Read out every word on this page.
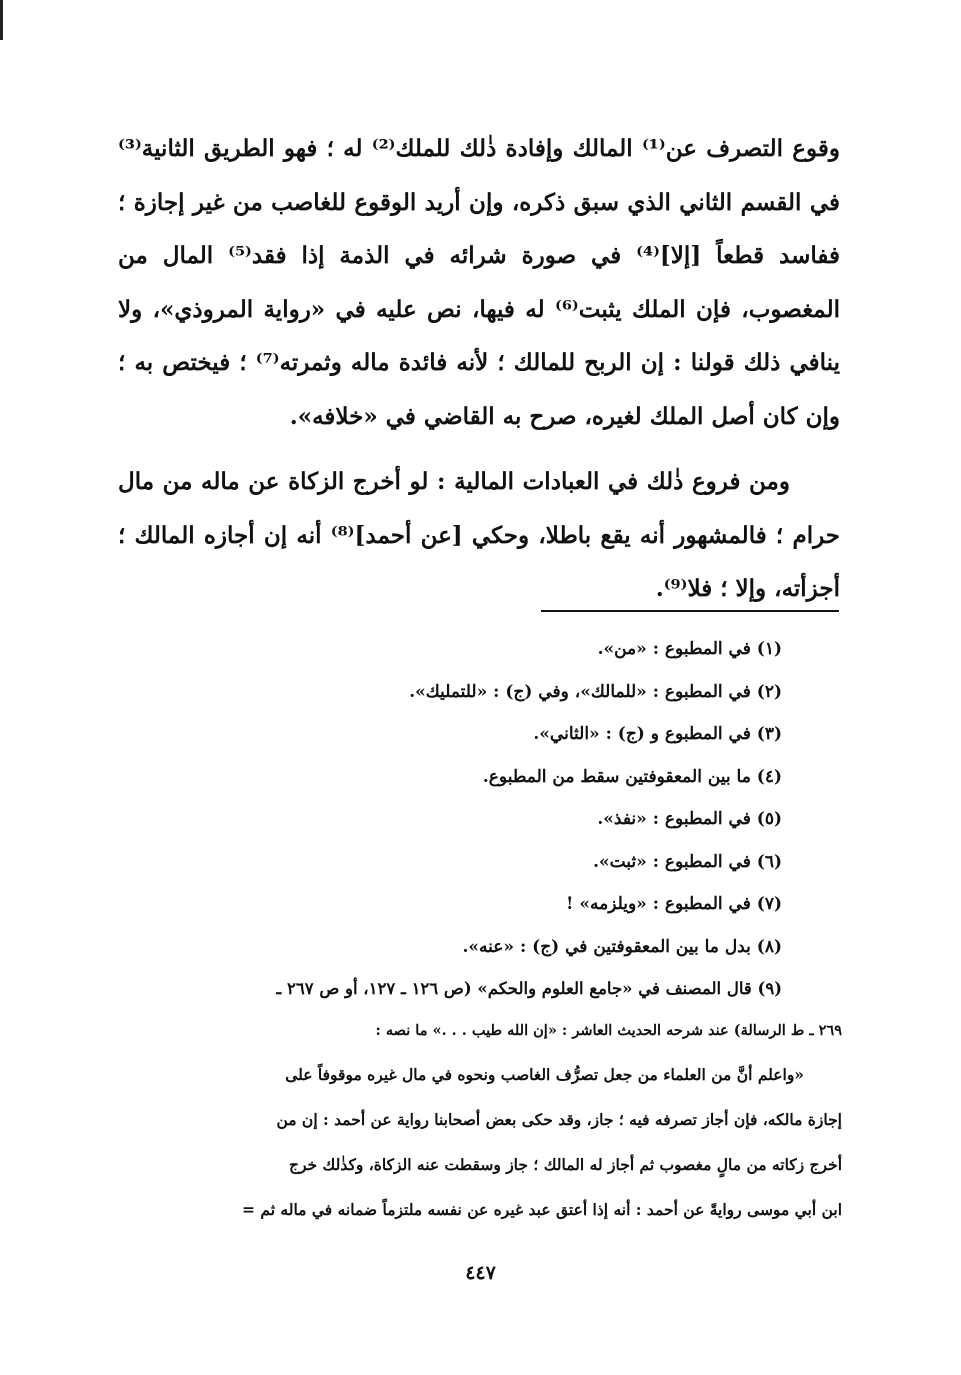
وقوع التصرف عن⁽¹⁾ المالك وإفادة ذٰلك للملك⁽²⁾ له ؛ فهو الطريق الثانية⁽³⁾ في القسم الثاني الذي سبق ذكره، وإن أريد الوقوع للغاصب من غير إجازة ؛ ففاسد قطعاً [إلا]⁽⁴⁾ في صورة شرائه في الذمة إذا فقد⁽⁵⁾ المال من المغصوب، فإن الملك يثبت⁽⁶⁾ له فيها، نص عليه في «رواية المروذي»، ولا ينافي ذلك قولنا : إن الربح للمالك ؛ لأنه فائدة ماله وثمرته⁽⁷⁾ ؛ فيختص به ؛ وإن كان أصل الملك لغيره، صرح به القاضي في «خلافه».

ومن فروع ذٰلك في العبادات المالية : لو أخرج الزكاة عن ماله من مال حرام ؛ فالمشهور أنه يقع باطلا، وحكي [عن أحمد]⁽⁸⁾ أنه إن أجازه المالك ؛ أجزأته، وإلا ؛ فلا⁽⁹⁾.

(١) في المطبوع : «من».
(٢) في المطبوع : «للمالك»، وفي (ج) : «للتمليك».
(٣) في المطبوع و (ج) : «الثاني».
(٤) ما بين المعقوفتين سقط من المطبوع.
(٥) في المطبوع : «نفذ».
(٦) في المطبوع : «ثبت».
(٧) في المطبوع : «ويلزمه» !
(٨) بدل ما بين المعقوفتين في (ج) : «عنه».
(٩) قال المصنف في «جامع العلوم والحكم» (ص ١٢٦ ـ ١٢٧، أو ص ٢٦٧ ـ
٢٦٩ ـ ط الرسالة) عند شرحه الحديث العاشر : «إن الله طيب . . .» ما نصه :
«واعلم أنَّ من العلماء من جعل تصرُّف الغاصب ونحوه في مال غيره موقوفاً على
إجازة مالكه، فإن أجاز تصرفه فيه ؛ جاز، وقد حكى بعض أصحابنا رواية عن أحمد : إن من
أخرج زكاته من مالٍ مغصوب ثم أجاز له المالك ؛ جاز وسقطت عنه الزكاة، وكذٰلك خرج
ابن أبي موسى روايةً عن أحمد : أنه إذا أعتق عبد غيره عن نفسه ملتزماً ضمانه في ماله ثم =
٤٤٧
